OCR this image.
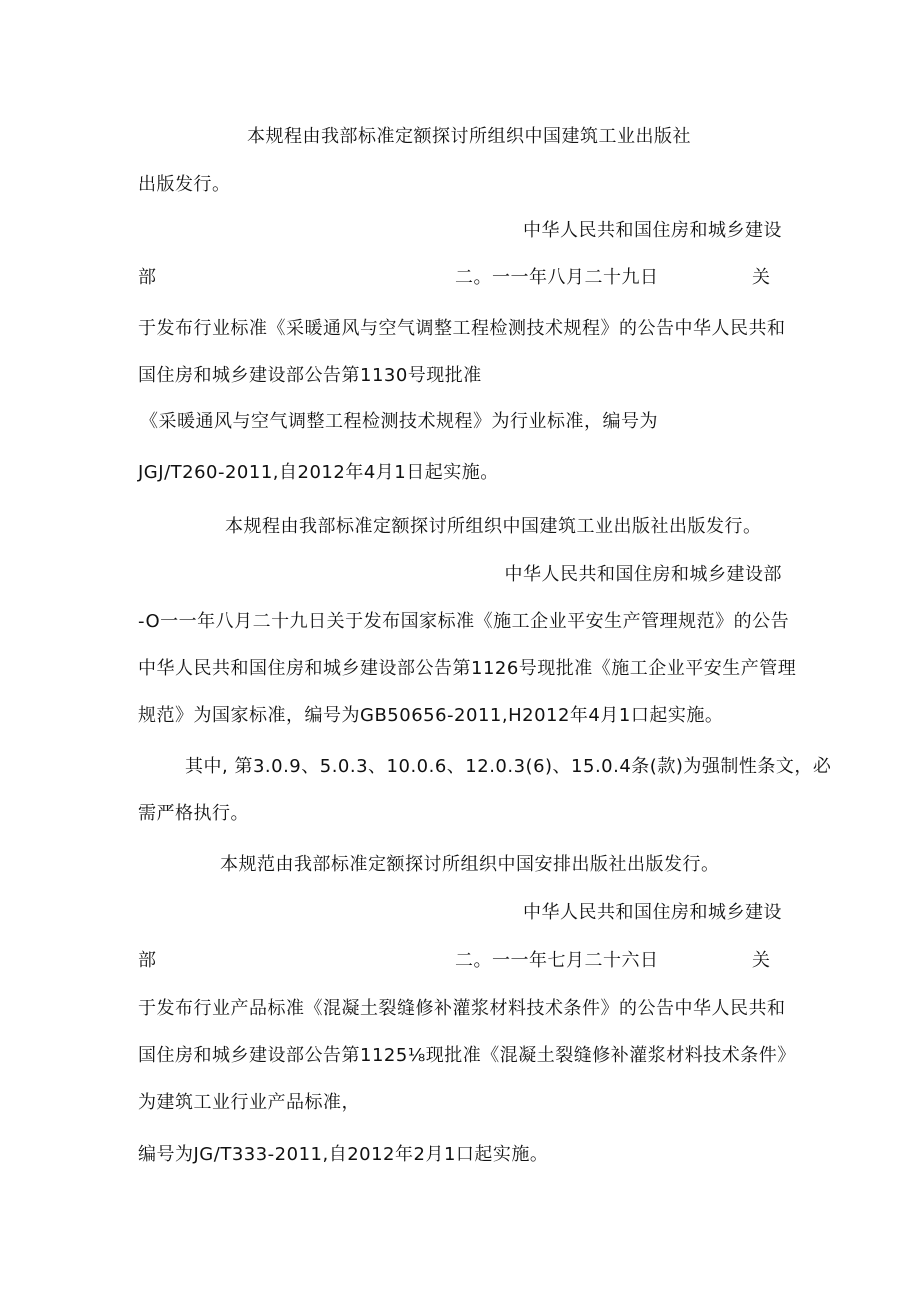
本规程由我部标准定额探讨所组织中国建筑工业出版社
出版发行。
中华人民共和国住房和城乡建设
部	二。一一年八月二十九日	关
于发布行业标准《采暖通风与空气调整工程检测技术规程》的公告中华人民共和
国住房和城乡建设部公告第1130号现批准
《采暖通风与空气调整工程检测技术规程》为行业标准，编号为
JGJ/T260-2011,自2012年4月1日起实施。
本规程由我部标准定额探讨所组织中国建筑工业出版社出版发行。
中华人民共和国住房和城乡建设部
-O一一年八月二十九日关于发布国家标准《施工企业平安生产管理规范》的公告
中华人民共和国住房和城乡建设部公告第1126号现批准《施工企业平安生产管理
规范》为国家标准，编号为GB50656-2011,H2012年4月1口起实施。
其中, 第3.0.9、5.0.3、10.0.6、12.0.3(6)、15.0.4条(款)为强制性条文，必
需严格执行。
本规范由我部标准定额探讨所组织中国安排出版社出版发行。
中华人民共和国住房和城乡建设
部	二。一一年七月二十六日	关
于发布行业产品标准《混凝土裂缝修补灌浆材料技术条件》的公告中华人民共和
国住房和城乡建设部公告第1125⅛现批准《混凝土裂缝修补灌浆材料技术条件》
为建筑工业行业产品标准，
编号为JG/T333-2011,自2012年2月1口起实施。
